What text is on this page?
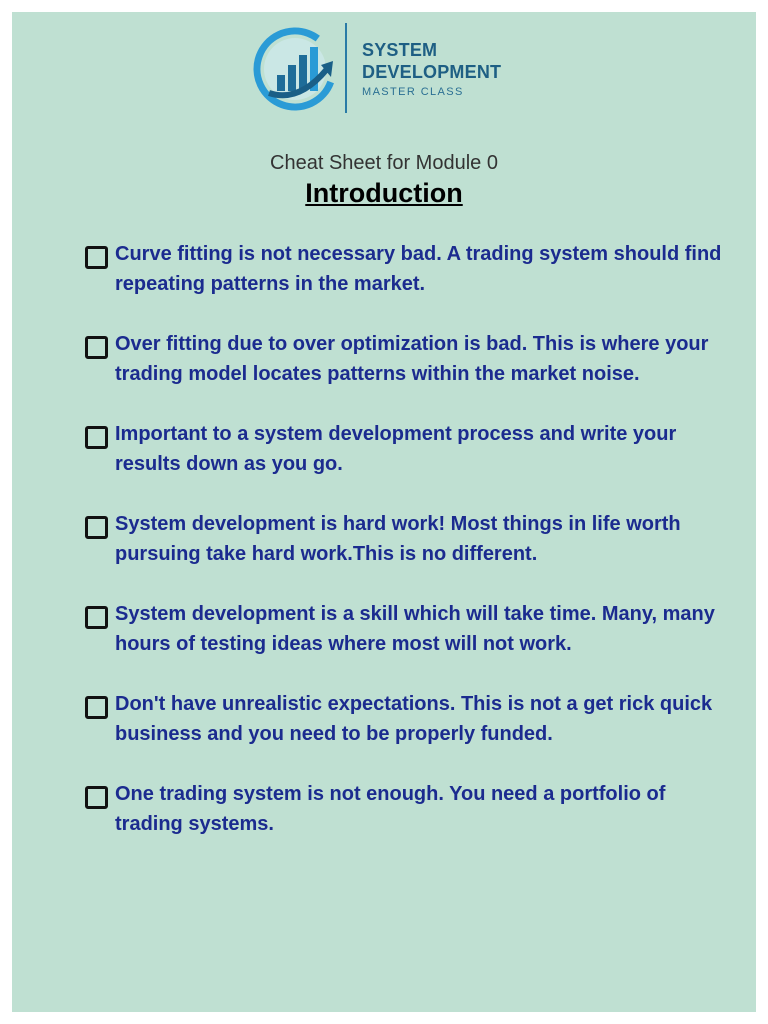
SYSTEM
DEVELOPMENT
MASTER CLASS
Cheat Sheet for Module 0
Introduction
Curve fitting is not necessary bad. A trading system should find repeating patterns in the market.
Over fitting due to over optimization is bad. This is where your trading model locates patterns within the market noise.
Important to a system development process and write your results down as you go.
System development is hard work! Most things in life worth pursuing take hard work.This is no different.
System development is a skill which will take time. Many, many hours of testing ideas where most will not work.
Don't have unrealistic expectations. This is not a get rick quick business and you need to be properly funded.
One trading system is not enough. You need a portfolio of trading systems.
